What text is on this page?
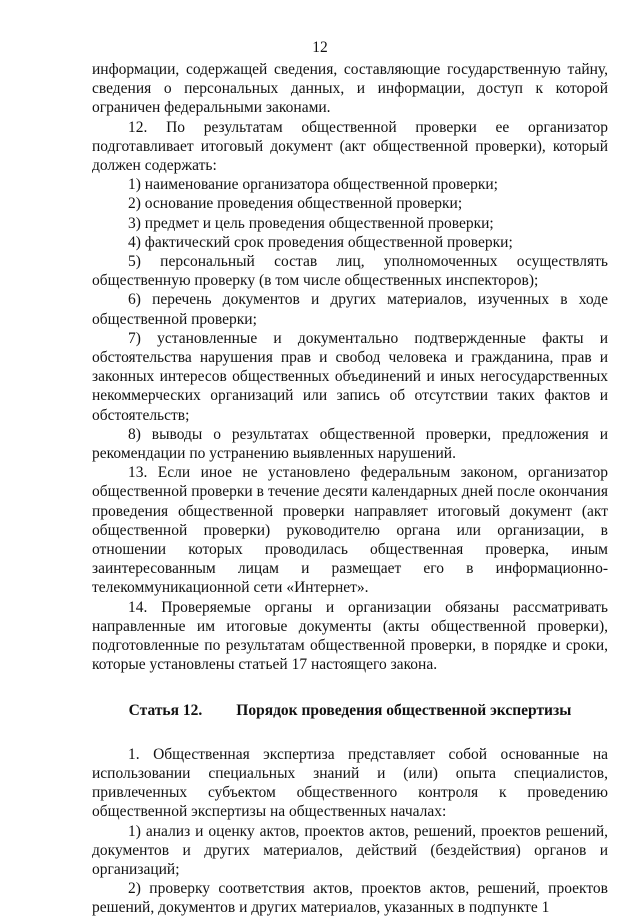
12

информации, содержащей сведения, составляющие государственную тайну, сведения о персональных данных, и информации, доступ к которой ограничен федеральными законами.

12. По результатам общественной проверки ее организатор подготавливает итоговый документ (акт общественной проверки), который должен содержать:

1) наименование организатора общественной проверки;

2) основание проведения общественной проверки;

3) предмет и цель проведения общественной проверки;

4) фактический срок проведения общественной проверки;

5) персональный состав лиц, уполномоченных осуществлять общественную проверку (в том числе общественных инспекторов);

6) перечень документов и других материалов, изученных в ходе общественной проверки;

7) установленные и документально подтвержденные факты и обстоятельства нарушения прав и свобод человека и гражданина, прав и законных интересов общественных объединений и иных негосударственных некоммерческих организаций или запись об отсутствии таких фактов и обстоятельств;

8) выводы о результатах общественной проверки, предложения и рекомендации по устранению выявленных нарушений.

13. Если иное не установлено федеральным законом, организатор общественной проверки в течение десяти календарных дней после окончания проведения общественной проверки направляет итоговый документ (акт общественной проверки) руководителю органа или организации, в отношении которых проводилась общественная проверка, иным заинтересованным лицам и размещает его в информационно-телекоммуникационной сети «Интернет».

14. Проверяемые органы и организации обязаны рассматривать направленные им итоговые документы (акты общественной проверки), подготовленные по результатам общественной проверки, в порядке и сроки, которые установлены статьей 17 настоящего закона.

Статья 12. Порядок проведения общественной экспертизы

1. Общественная экспертиза представляет собой основанные на использовании специальных знаний и (или) опыта специалистов, привлеченных субъектом общественного контроля к проведению общественной экспертизы на общественных началах:

1) анализ и оценку актов, проектов актов, решений, проектов решений, документов и других материалов, действий (бездействия) органов и организаций;

2) проверку соответствия актов, проектов актов, решений, проектов решений, документов и других материалов, указанных в подпункте 1
